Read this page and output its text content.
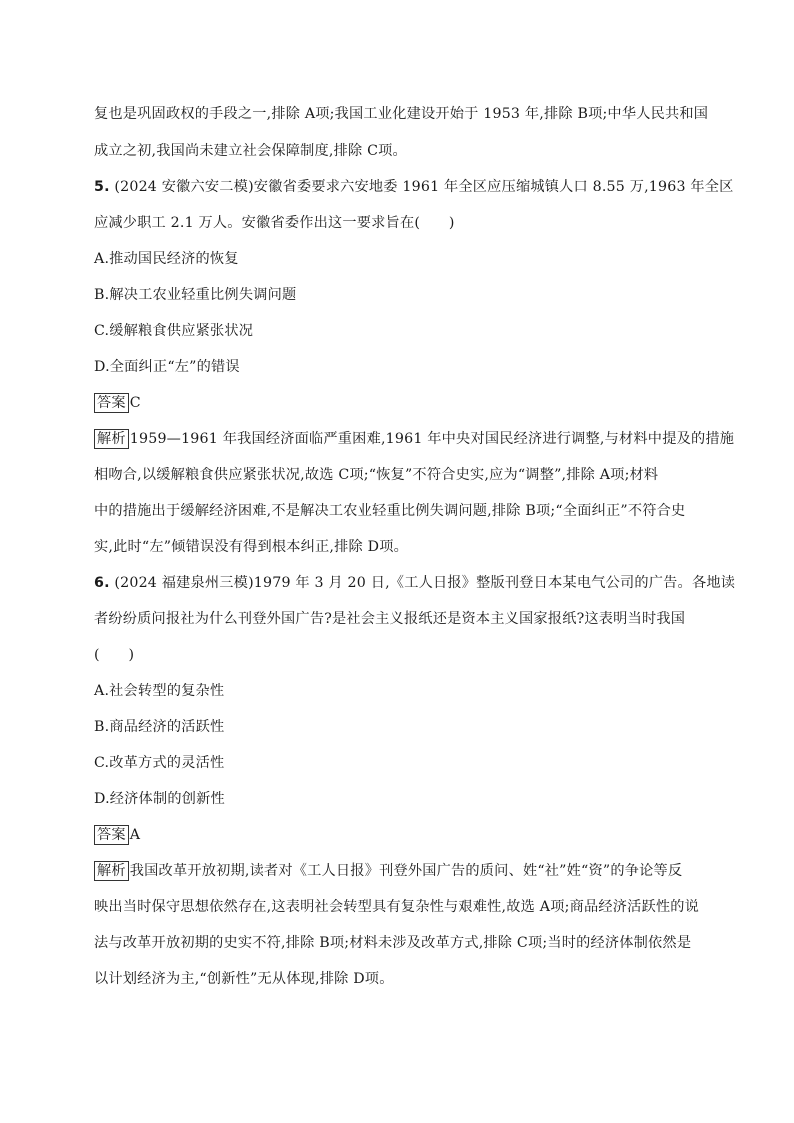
复也是巩固政权的手段之一,排除 A项;我国工业化建设开始于 1953 年,排除 B项;中华人民共和国
成立之初,我国尚未建立社会保障制度,排除 C项。
5. (2024 安徽六安二模)安徽省委要求六安地委 1961 年全区应压缩城镇人口 8.55 万,1963 年全区
应减少职工 2.1 万人。安徽省委作出这一要求旨在(　　)
A.推动国民经济的恢复
B.解决工农业轻重比例失调问题
C.缓解粮食供应紧张状况
D.全面纠正“左”的错误
答案 C
解析 1959—1961 年我国经济面临严重困难,1961 年中央对国民经济进行调整,与材料中提及的措施
相吻合,以缓解粮食供应紧张状况,故选 C项;“恢复”不符合史实,应为“调整”,排除 A项;材料
中的措施出于缓解经济困难,不是解决工农业轻重比例失调问题,排除 B项;“全面纠正”不符合史
实,此时“左”倾错误没有得到根本纠正,排除 D项。
6. (2024 福建泉州三模)1979 年 3 月 20 日,《工人日报》整版刊登日本某电气公司的广告。各地读
者纷纷质问报社为什么刊登外国广告?是社会主义报纸还是资本主义国家报纸?这表明当时我国
(　　)
A.社会转型的复杂性
B.商品经济的活跃性
C.改革方式的灵活性
D.经济体制的创新性
答案 A
解析 我国改革开放初期,读者对《工人日报》刊登外国广告的质问、姓“社”姓“资”的争论等反
映出当时保守思想依然存在,这表明社会转型具有复杂性与艰难性,故选 A项;商品经济活跃性的说
法与改革开放初期的史实不符,排除 B项;材料未涉及改革方式,排除 C项;当时的经济体制依然是
以计划经济为主,“创新性”无从体现,排除 D项。
